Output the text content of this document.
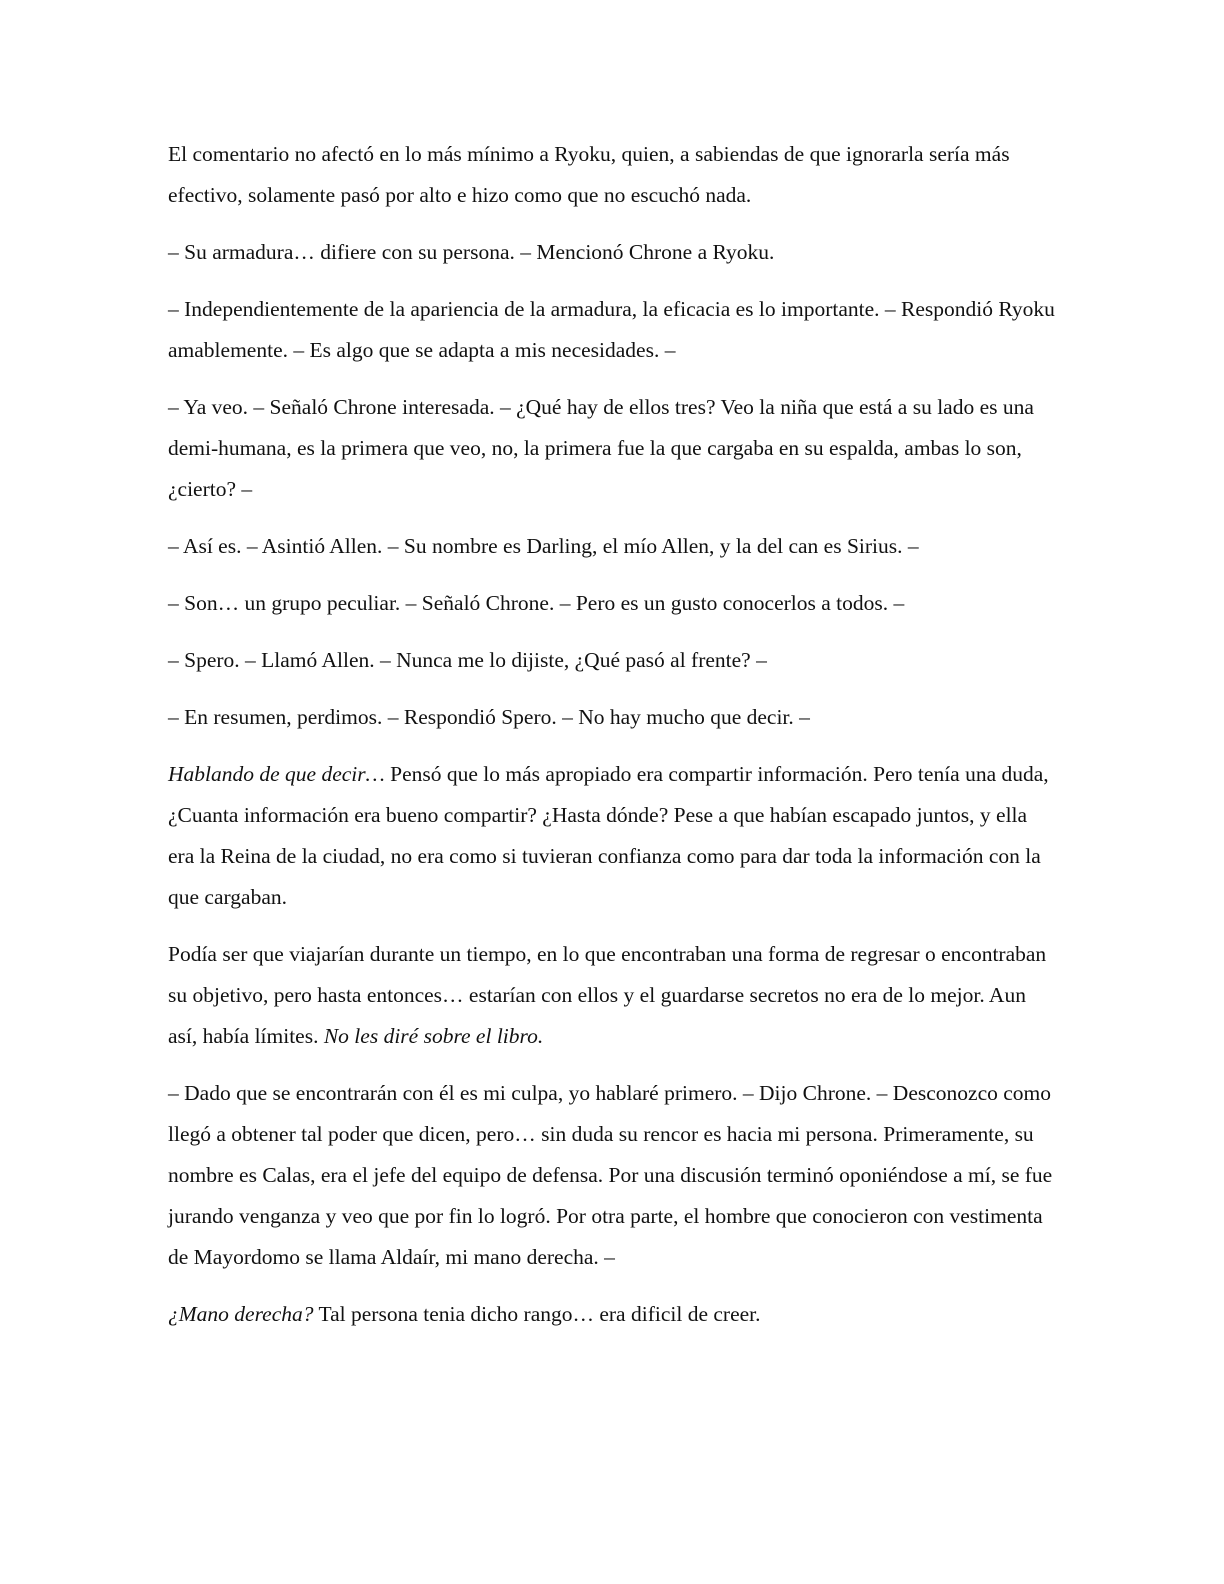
El comentario no afectó en lo más mínimo a Ryoku, quien, a sabiendas de que ignorarla sería más efectivo, solamente pasó por alto e hizo como que no escuchó nada.

– Su armadura… difiere con su persona. – Mencionó Chrone a Ryoku.

– Independientemente de la apariencia de la armadura, la eficacia es lo importante. – Respondió Ryoku amablemente. – Es algo que se adapta a mis necesidades. –

– Ya veo. – Señaló Chrone interesada. – ¿Qué hay de ellos tres? Veo la niña que está a su lado es una demi-humana, es la primera que veo, no, la primera fue la que cargaba en su espalda, ambas lo son, ¿cierto? –

– Así es. – Asintió Allen. – Su nombre es Darling, el mío Allen, y la del can es Sirius. –

– Son… un grupo peculiar. – Señaló Chrone. – Pero es un gusto conocerlos a todos. –

– Spero. – Llamó Allen. – Nunca me lo dijiste, ¿Qué pasó al frente? –

– En resumen, perdimos. – Respondió Spero. – No hay mucho que decir. –

Hablando de que decir… Pensó que lo más apropiado era compartir información. Pero tenía una duda, ¿Cuanta información era bueno compartir? ¿Hasta dónde? Pese a que habían escapado juntos, y ella era la Reina de la ciudad, no era como si tuvieran confianza como para dar toda la información con la que cargaban.

Podía ser que viajarían durante un tiempo, en lo que encontraban una forma de regresar o encontraban su objetivo, pero hasta entonces… estarían con ellos y el guardarse secretos no era de lo mejor. Aun así, había límites. No les diré sobre el libro.

– Dado que se encontrarán con él es mi culpa, yo hablaré primero. – Dijo Chrone. – Desconozco como llegó a obtener tal poder que dicen, pero… sin duda su rencor es hacia mi persona. Primeramente, su nombre es Calas, era el jefe del equipo de defensa. Por una discusión terminó oponiéndose a mí, se fue jurando venganza y veo que por fin lo logró. Por otra parte, el hombre que conocieron con vestimenta de Mayordomo se llama Aldaír, mi mano derecha. –

¿Mano derecha? Tal persona tenia dicho rango… era dificil de creer.
